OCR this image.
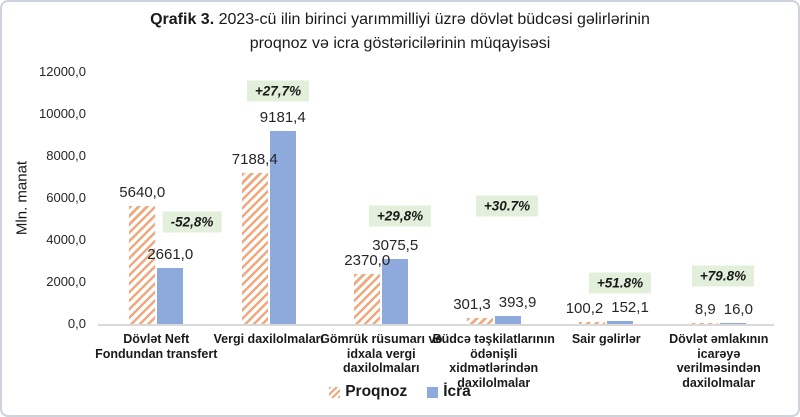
Qrafik 3. 2023-cü ilin birinci yarımmilliyi üzrə dövlət büdcəsi gəlirlərinin
proqnoz və icra göstəricilərinin müqayisəsi
Mln. manat
0,0
2000,0
4000,0
6000,0
8000,0
10000,0
12000,0
5640,0
2661,0
Dövlət Neft Fondundan transfert
7188,4
9181,4
Vergi daxilolmaları
2370,0
3075,5
Gömrük rüsumarı və idxala vergi daxilolmaları
301,3 393,9
Büdcə təşkilatlarının ödənişli xidmətlərindən daxilolmalar
100,2 152,1
Sair gəlirlər
8,9 16,0
Dövlət əmlakının icarəyə verilməsindən daxilolmalar
-52,8%
+27,7%
+29,8%
+30.7%
+51.8%	+79.8%
Proqnoz İcra
